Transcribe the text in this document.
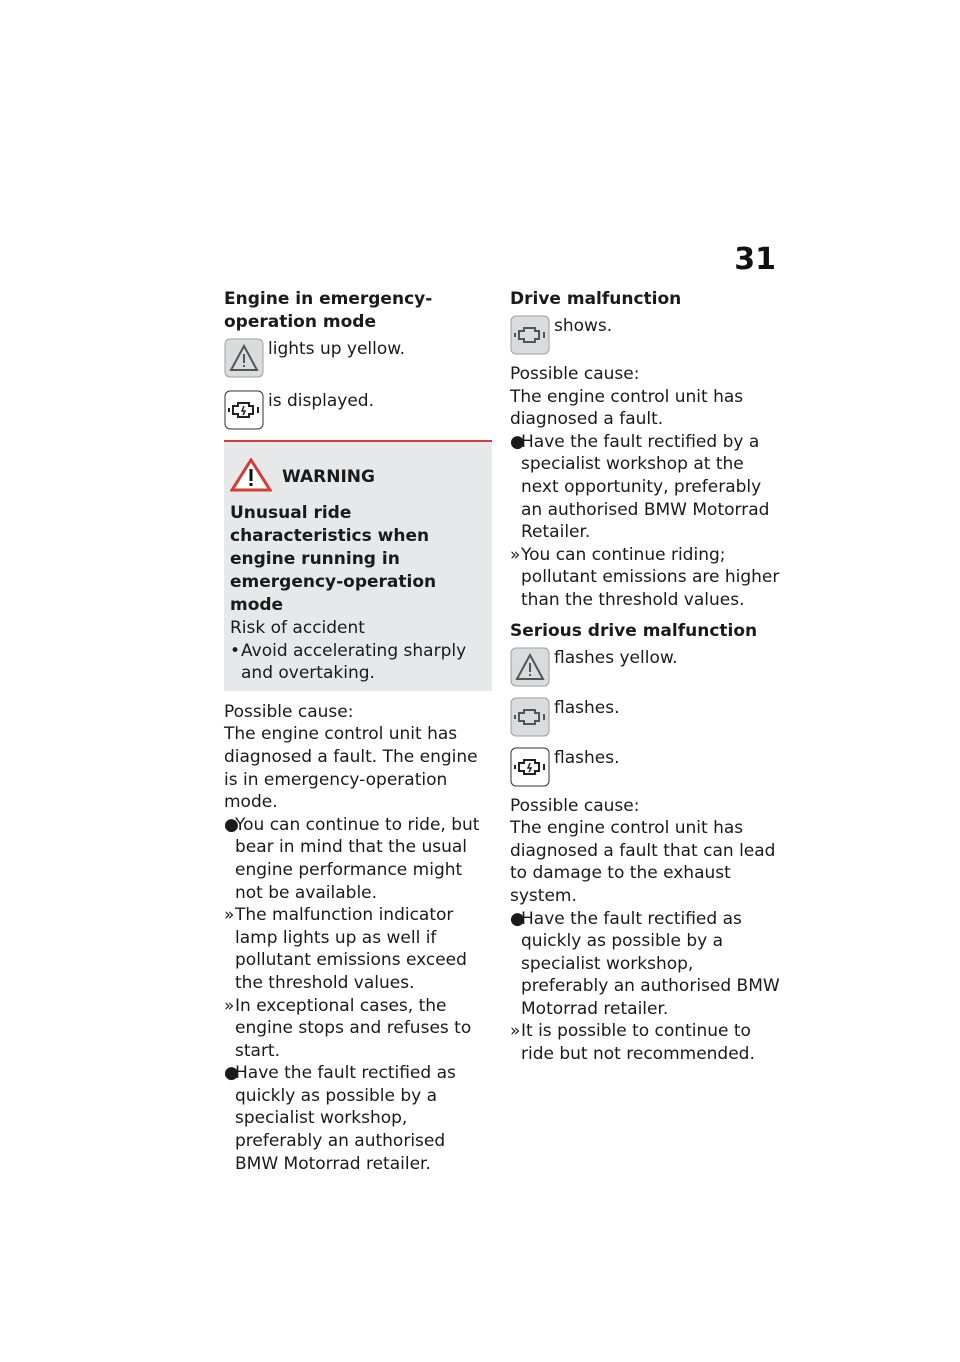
31
Engine in emergency-operation mode
lights up yellow.
is displayed.
WARNING
Unusual ride characteristics when engine running in emergency-operation mode

Risk of accident

• Avoid accelerating sharply and overtaking.

Possible cause:

The engine control unit has diagnosed a fault. The engine is in emergency-operation mode.

●
You can continue to ride, but bear in mind that the usual engine performance might not be available.
» The malfunction indicator lamp lights up as well if pollutant emissions exceed the threshold values.
» In exceptional cases, the engine stops and refuses to start.
●
Have the fault rectified as quickly as possible by a specialist workshop, preferably an authorised BMW Motorrad retailer.
Drive malfunction
shows.

Possible cause:

The engine control unit has diagnosed a fault.

●
Have the fault rectified by a specialist workshop at the next opportunity, preferably an authorised BMW Motorrad Retailer.
» You can continue riding; pollutant emissions are higher than the threshold values.
Serious drive malfunction
flashes yellow.
flashes.
flashes.

Possible cause:

The engine control unit has diagnosed a fault that can lead to damage to the exhaust system.

●
Have the fault rectified as quickly as possible by a specialist workshop, preferably an authorised BMW Motorrad retailer.
» It is possible to continue to ride but not recommended.
